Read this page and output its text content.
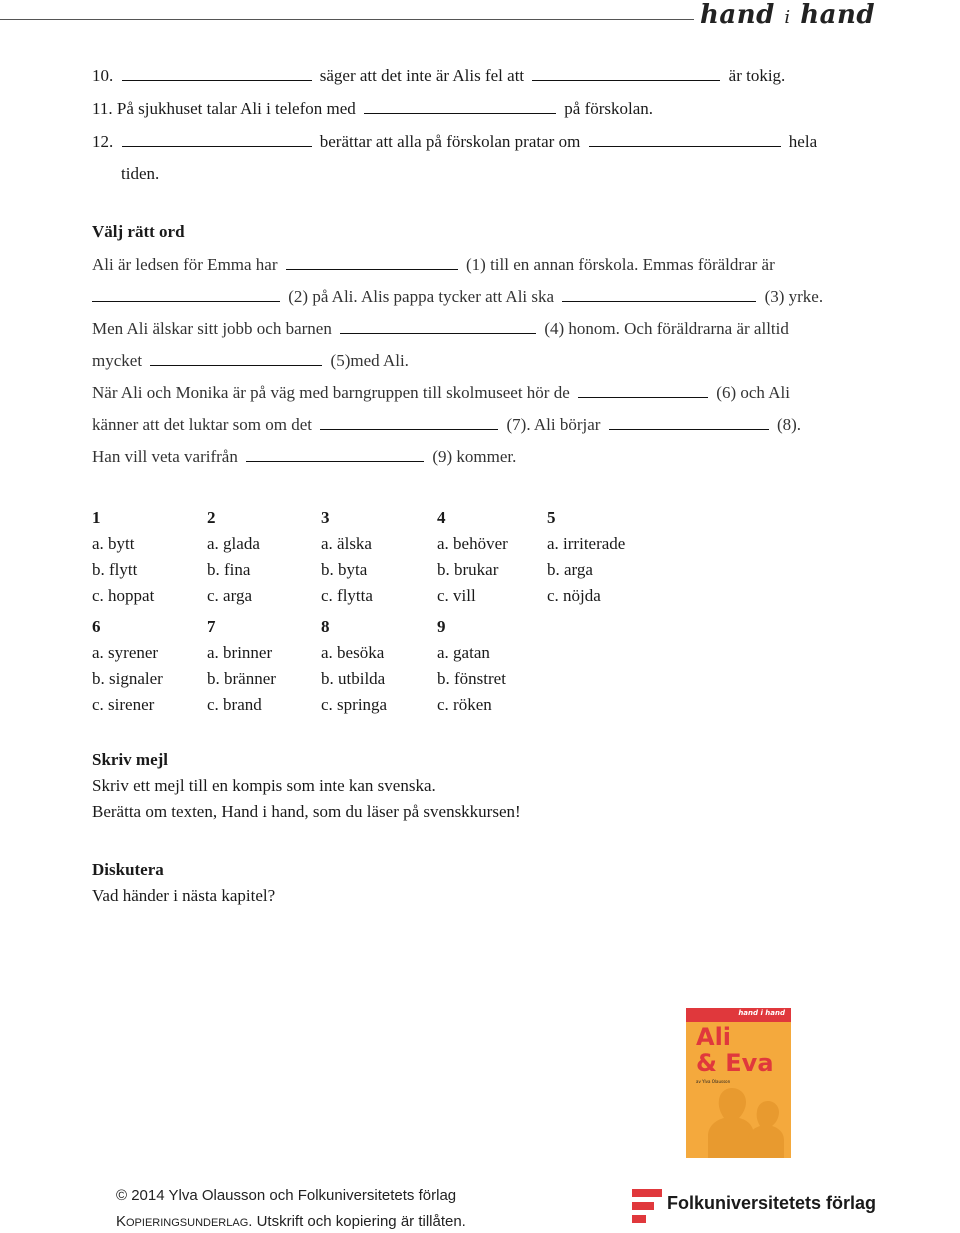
hand i hand
10.	säger att det inte är Alis fel att	är tokig.
11. På sjukhuset talar Ali i telefon med	på förskolan.
12.	berättar att alla på förskolan pratar om	hela
tiden.
Välj rätt ord
Ali är ledsen för Emma har	(1) till en annan förskola. Emmas föräldrar är
(2) på Ali. Alis pappa tycker att Ali ska	(3) yrke.
Men Ali älskar sitt jobb och barnen	(4) honom. Och föräldrarna är alltid
mycket	(5)med Ali.
När Ali och Monika är på väg med barngruppen till skolmuseet hör de	(6) och Ali
känner att det luktar som om det	(7). Ali börjar	(8).
Han vill veta varifrån	(9) kommer.
1
a. bytt
b. flytt
c. hoppat
2
a. glada
b. fina
c. arga
3
a. älska
b. byta
c. flytta
4
a. behöver
b. brukar
c. vill
5
a. irriterade
b. arga
c. nöjda
6
a. syrener
b. signaler
c. sirener
7
a. brinner
b. bränner
c. brand
8
a. besöka
b. utbilda
c. springa
9
a. gatan
b. fönstret
c. röken
Skriv mejl
Skriv ett mejl till en kompis som inte kan svenska.
Berätta om texten, Hand i hand, som du läser på svenskkursen!
Diskutera
Vad händer i nästa kapitel?
hand i hand
Ali
& Eva
av Ylva Olausson
© 2014 Ylva Olausson och Folkuniversitetets förlag
Kopieringsunderlag. Utskrift och kopiering är tillåten.
Folkuniversitetets förlag
